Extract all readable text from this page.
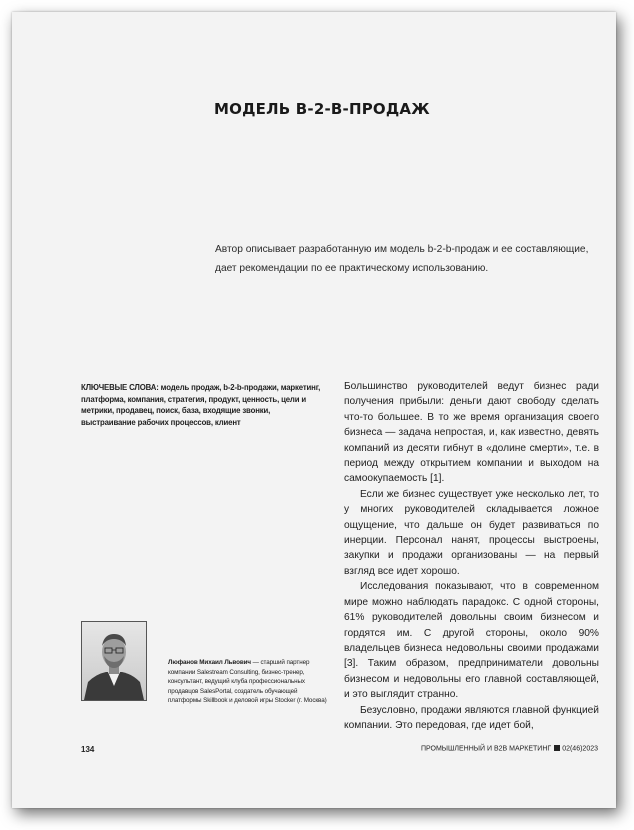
МОДЕЛЬ B-2-B-ПРОДАЖ
Автор описывает разработанную им модель b-2-b-продаж и ее составляющие, дает рекомендации по ее практическому использованию.
КЛЮЧЕВЫЕ СЛОВА: модель продаж, b-2-b-продажи, маркетинг, платформа, компания, стратегия, продукт, ценность, цели и метрики, продавец, поиск, база, входящие звонки, выстраивание рабочих процессов, клиент

Большинство руководителей ведут бизнес ради получения прибыли: деньги дают свободу сделать что-то большее. В то же время организация своего бизнеса — задача непростая, и, как известно, девять компаний из десяти гибнут в «долине смерти», т.е. в период между открытием компании и выходом на самоокупаемость [1].

Если же бизнес существует уже несколько лет, то у многих руководителей складывается ложное ощущение, что дальше он будет развиваться по инерции. Персонал нанят, процессы выстроены, закупки и продажи организованы — на первый взгляд все идет хорошо.

Исследования показывают, что в современном мире можно наблюдать парадокс. С одной стороны, 61% руководителей довольны своим бизнесом и гордятся им. С другой стороны, около 90% владельцев бизнеса недовольны своими продажами [3]. Таким образом, предприниматели довольны бизнесом и недовольны его главной составляющей, и это выглядит странно.

Безусловно, продажи являются главной функцией компании. Это передовая, где идет бой,

Люфанов Михаил Львович — старший партнер компании Salestream Consulting, бизнес-тренер, консультант, ведущий клуба профессиональных продавцов SalesPortal, создатель обучающей платформы Skillbook и деловой игры Stocker (г. Москва)
134	ПРОМЫШЛЕННЫЙ И B2B МАРКЕТИНГ 02(46)2023
